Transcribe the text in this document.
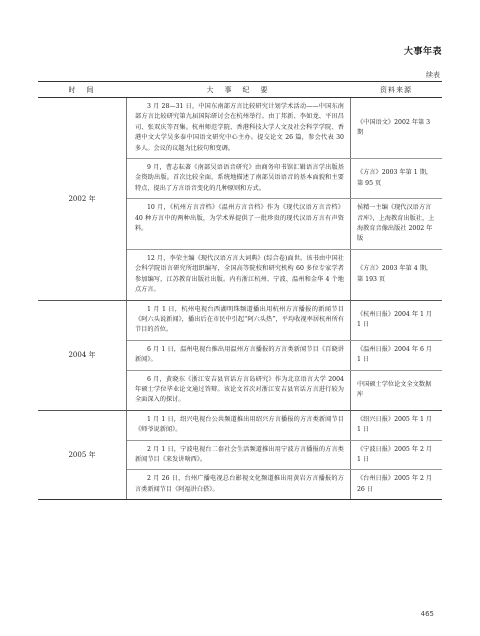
大事年表
续表
时　间	大　事　纪　要	资料来源
2002 年
3 月 28—31 日，中国东南部方言比较研究计划学术活动——中国东南部方言比较研究第九届国际研讨会在杭州举行。由丁邦新、李如龙、平田昌司、张双庆等召集。杭州师范学院、香港科技大学人文及社会科学学院、香港中文大学吴多泰中国语文研究中心主办。提交论文 26 篇，参会代表 30 多人。会议的议题为比较句和变调。
《中国语文》2002 年第 3 期
9 月，曹志耘著《南部吴语语音研究》由商务印书馆汇辑语言学出版基金资助出版。首次比较全面、系统地描述了南部吴语语音的基本面貌和主要特点，提出了方言语音变化的几种原则和方式。
《方言》2003 年第 1 期，第 95 页
10 月，《杭州方言音档》《温州方言音档》作为《现代汉语方言音档》40 种方言中的两种出版，为学术界提供了一批珍贵的现代汉语方言有声资料。
侯精一主编《现代汉语方言音库》，上海教育出版社，上海教育音像出版社 2002 年版
12 月，李荣主编《现代汉语方言大词典》(综合卷)面世。该书由中国社会科学院语言研究所组织编写，全国高等院校和研究机构 60 多位专家学者参加编写，江苏教育出版社出版。内有浙江杭州、宁波、温州和金华 4 个地点方言。
《方言》2003 年第 4 期，第 193 页
2004 年
1 月 1 日，杭州电视台西湖明珠频道播出用杭州方言播报的新闻节目《阿六头说新闻》，播出后在市民中引起“阿六头热”，平均收视率居杭州所有节目的首位。
《杭州日报》2004 年 1 月 1 日
6 月 1 日，温州电视台推出用温州方言播报的方言类新闻节目《百晓讲新闻》。
《温州日报》2004 年 6 月 1 日
6 月，黄晓东《浙江安吉县官话方言岛研究》作为北京语言大学 2004 年硕士学位毕业论文通过答辩。该论文首次对浙江安吉县官话方言进行较为全面深入的探讨。
中国硕士学位论文全文数据库
2005 年
1 月 1 日，绍兴电视台公共频道推出用绍兴方言播报的方言类新闻节目《师爷说新闻》。
《绍兴日报》2005 年 1 月 1 日
2 月 1 日，宁波电视台二套社会生活频道推出用宁波方言播报的方言类新闻节目《来发讲啥西》。
《宁波日报》2005 年 2 月 1 日
2 月 26 日，台州广播电视总台影视文化频道推出用黄岩方言播报的方言类新闻节目《阿福讲白搭》。
《台州日报》2005 年 2 月 26 日
465
